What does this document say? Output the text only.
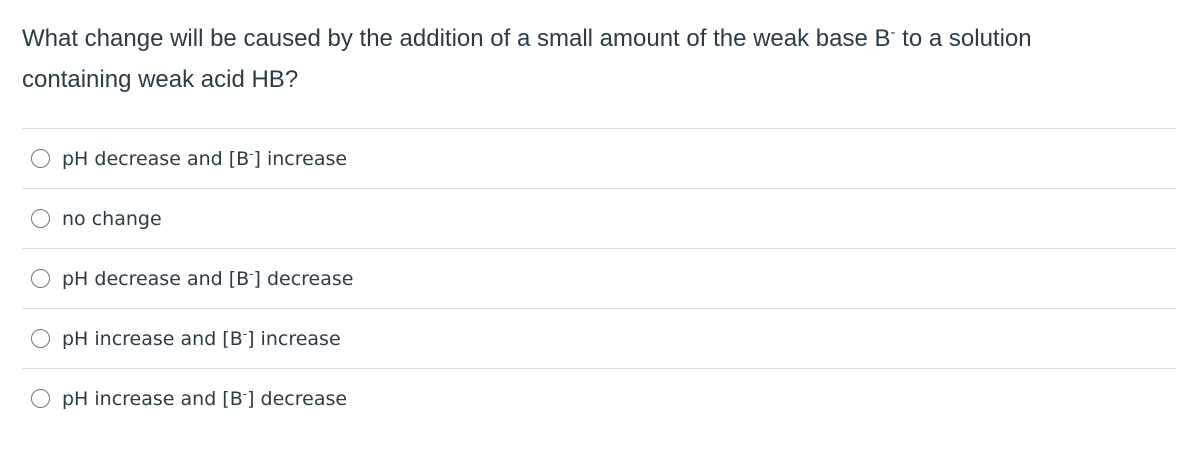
What change will be caused by the addition of a small amount of the weak base B- to a solution
containing weak acid HB?
pH decrease and [B-] increase
no change
pH decrease and [B-] decrease
pH increase and [B-] increase
pH increase and [B-] decrease
